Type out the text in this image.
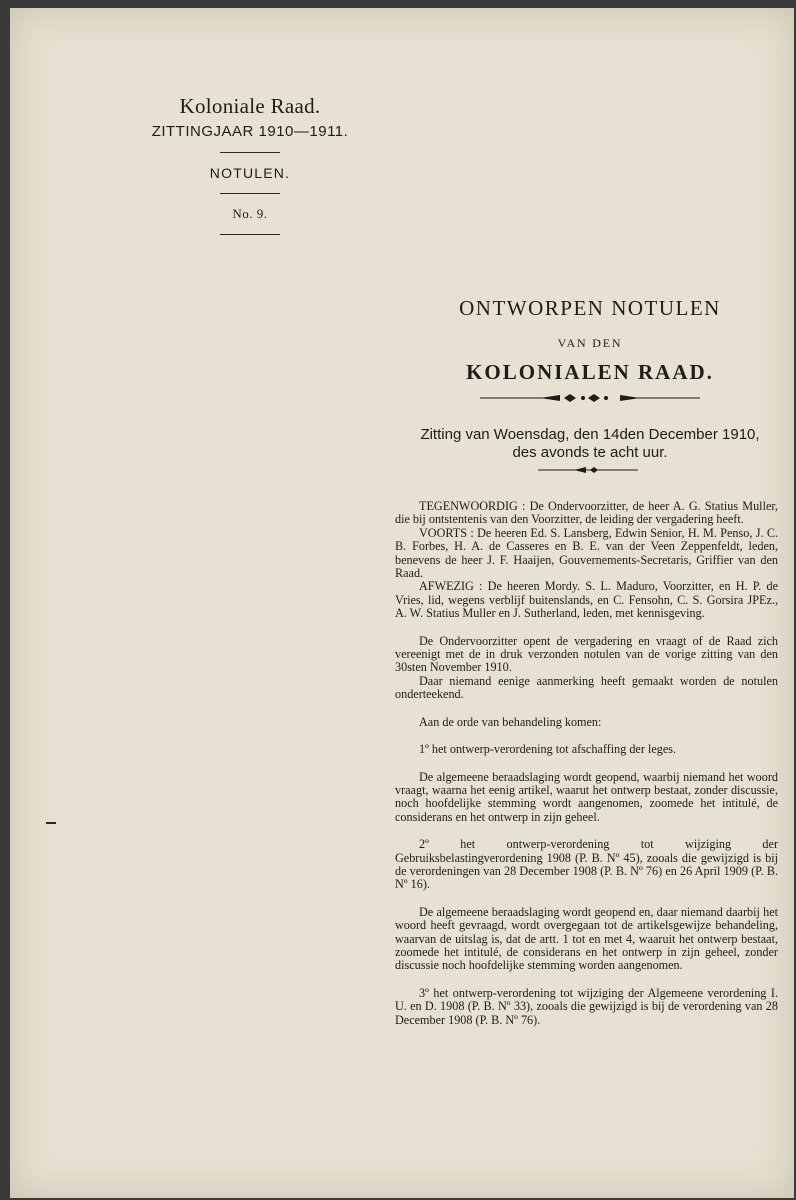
Koloniale Raad.
ZITTINGJAAR 1910—1911.
NOTULEN.
No. 9.
ONTWORPEN NOTULEN
VAN DEN
KOLONIALEN RAAD.
Zitting van Woensdag, den 14den December 1910,
des avonds te acht uur.

TEGENWOORDIG : De Ondervoorzitter, de heer A. G. Statius Muller, die bij ontstentenis van den Voorzitter, de leiding der vergadering heeft.

VOORTS : De heeren Ed. S. Lansberg, Edwin Senior, H. M. Penso, J. C. B. Forbes, H. A. de Casseres en B. E. van der Veen Zeppenfeldt, leden, benevens de heer J. F. Haaijen, Gouvernements-Secretaris, Griffier van den Raad.

AFWEZIG : De heeren Mordy. S. L. Maduro, Voorzitter, en H. P. de Vries, lid, wegens verblijf buitenslands, en C. Fensohn, C. S. Gorsira JPEz., A. W. Statius Muller en J. Sutherland, leden, met kennisgeving.

De Ondervoorzitter opent de vergadering en vraagt of de Raad zich vereenigt met de in druk verzonden notulen van de vorige zitting van den 30sten November 1910.

Daar niemand eenige aanmerking heeft gemaakt worden de notulen onderteekend.

Aan de orde van behandeling komen:

1º het ontwerp-verordening tot afschaffing der leges.

De algemeene beraadslaging wordt geopend, waarbij niemand het woord vraagt, waarna het eenig artikel, waarut het ontwerp bestaat, zonder discussie, noch hoofdelijke stemming wordt aangenomen, zoomede het intitulé, de considerans en het ontwerp in zijn geheel.

2º het ontwerp-verordening tot wijziging der Gebruiksbelastingverordening 1908 (P. B. Nº 45), zooals die gewijzigd is bij de verordeningen van 28 December 1908 (P. B. Nº 76) en 26 April 1909 (P. B. Nº 16).

De algemeene beraadslaging wordt geopend en, daar niemand daarbij het woord heeft gevraagd, wordt overgegaan tot de artikelsgewijze behandeling, waarvan de uitslag is, dat de artt. 1 tot en met 4, waaruit het ontwerp bestaat, zoomede het intitulé, de considerans en het ontwerp in zijn geheel, zonder discussie noch hoofdelijke stemming worden aangenomen.

3º het ontwerp-verordening tot wijziging der Algemeene verordening I. U. en D. 1908 (P. B. Nº 33), zooals die gewijzigd is bij de verordening van 28 December 1908 (P. B. Nº 76).
